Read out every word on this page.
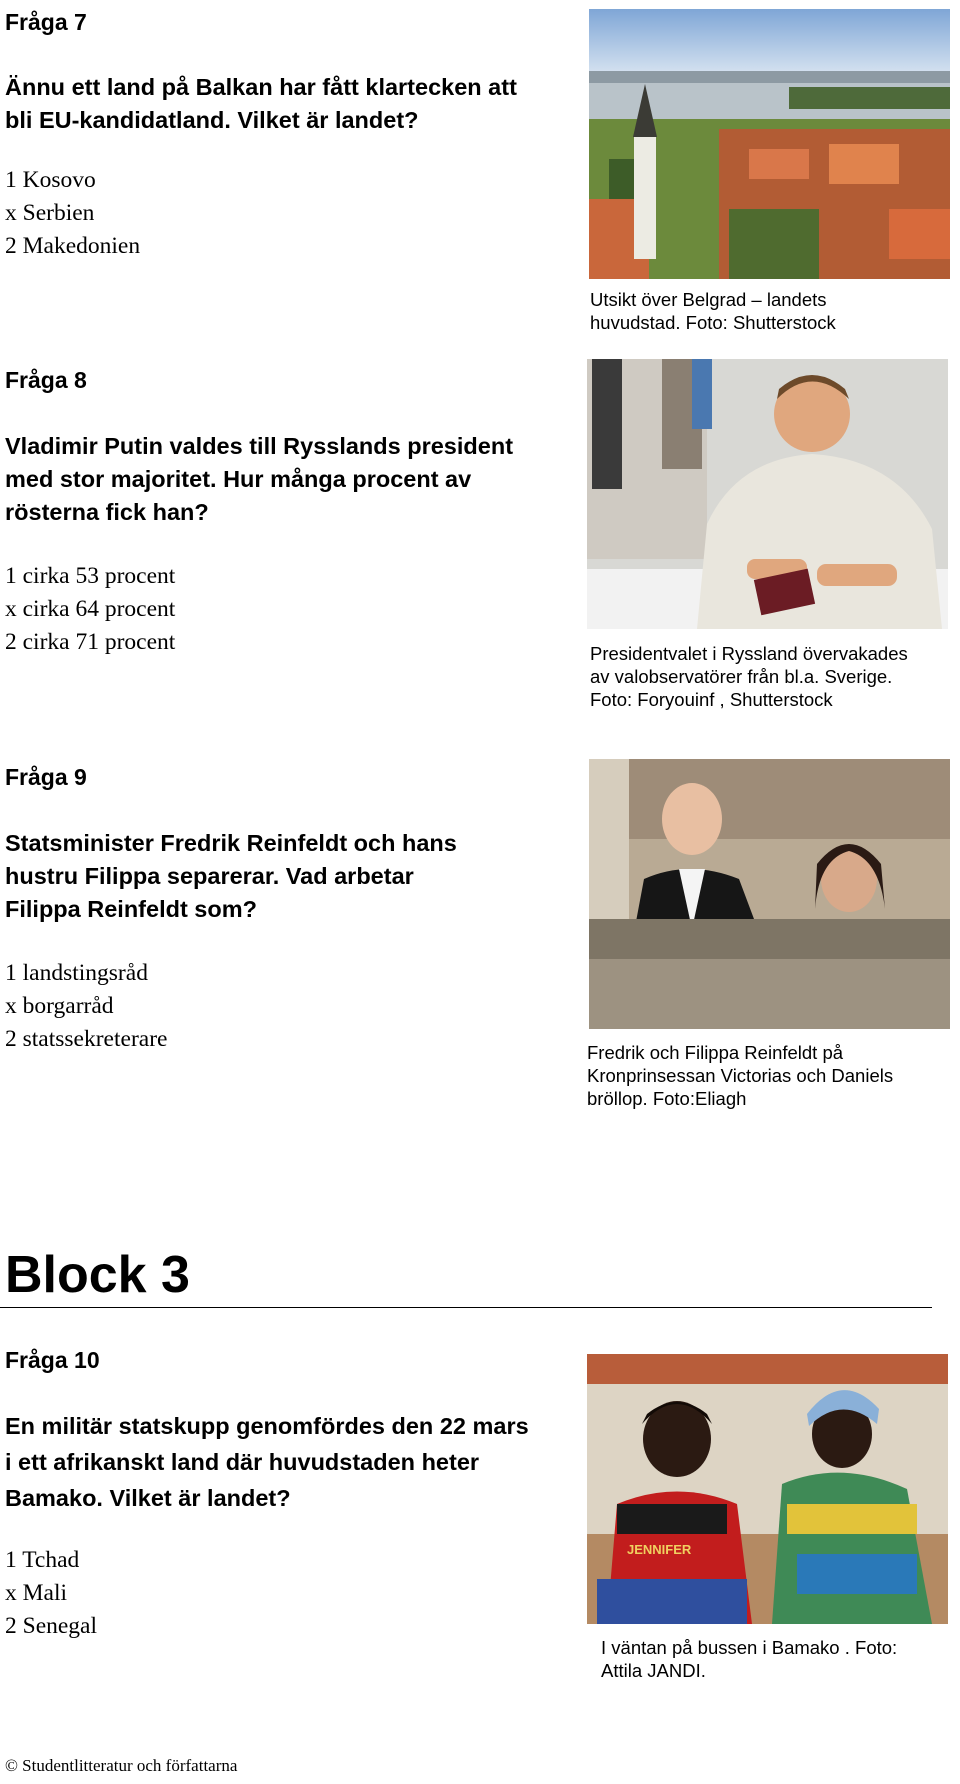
Fråga 7
Ännu ett land på Balkan har fått klartecken att
bli EU-kandidatland. Vilket är landet?
1 Kosovo
x Serbien
2 Makedonien
Utsikt över Belgrad – landets
huvudstad. Foto: Shutterstock
Fråga 8
Vladimir Putin valdes till Rysslands president
med stor majoritet. Hur många procent av
rösterna fick han?
1 cirka 53 procent
x cirka 64 procent
2 cirka 71 procent	Presidentvalet i Ryssland övervakades
av valobservatörer från bl.a. Sverige.
Foto: Foryouinf , Shutterstock
Fråga 9
Statsminister Fredrik Reinfeldt och hans
hustru Filippa separerar. Vad arbetar
Filippa Reinfeldt som?
1 landstingsråd
x borgarråd
2 statssekreterare
Fredrik och Filippa Reinfeldt på
Kronprinsessan Victorias och Daniels
bröllop. Foto:Eliagh
Block 3
Fråga 10
En militär statskupp genomfördes den 22 mars
i ett afrikanskt land där huvudstaden heter
Bamako. Vilket är landet?
1 Tchad
x Mali
2 Senegal
JENNIFER
I väntan på bussen i Bamako . Foto:
Attila JANDI.

© Studentlitteratur och författarna
